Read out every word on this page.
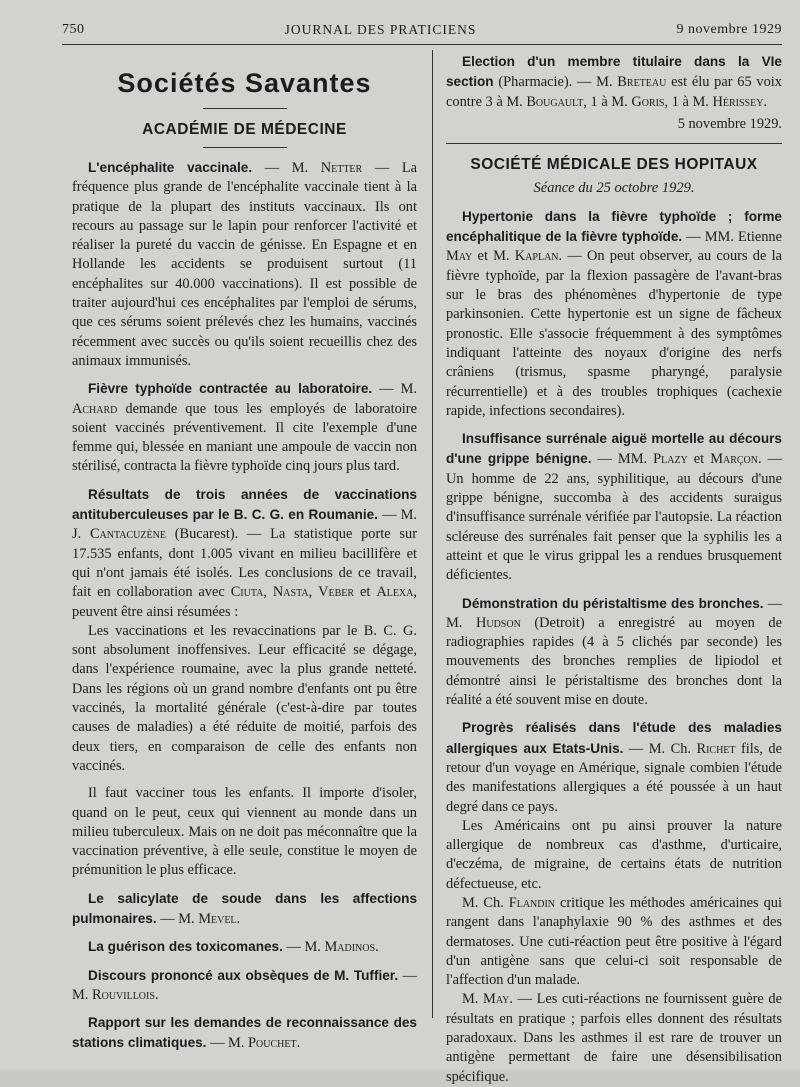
750	JOURNAL DES PRATICIENS	9 novembre 1929
Sociétés Savantes
ACADÉMIE DE MÉDECINE

L'encéphalite vaccinale. — M. Netter — La fréquence plus grande de l'encéphalite vaccinale tient à la pratique de la plupart des instituts vaccinaux. Ils ont recours au passage sur le lapin pour renforcer l'activité et réaliser la pureté du vaccin de génisse. En Espagne et en Hollande les accidents se produisent surtout (11 encéphalites sur 40.000 vaccinations). Il est possible de traiter aujourd'hui ces encéphalites par l'emploi de sérums, que ces sérums soient prélevés chez les humains, vaccinés récemment avec succès ou qu'ils soient recueillis chez des animaux immunisés.

Fièvre typhoïde contractée au laboratoire. — M. Achard demande que tous les employés de laboratoire soient vaccinés préventivement. Il cite l'exemple d'une femme qui, blessée en maniant une ampoule de vaccin non stérilisé, contracta la fièvre typhoïde cinq jours plus tard.

Résultats de trois années de vaccinations antituberculeuses par le B. C. G. en Roumanie. — M. J. Cantacuzène (Bucarest). — La statistique porte sur 17.535 enfants, dont 1.005 vivant en milieu bacillifère et qui n'ont jamais été isolés. Les conclusions de ce travail, fait en collaboration avec Ciuta, Nasta, Veber et Alexa, peuvent être ainsi résumées :

Les vaccinations et les revaccinations par le B. C. G. sont absolument inoffensives. Leur efficacité se dégage, dans l'expérience roumaine, avec la plus grande netteté. Dans les régions où un grand nombre d'enfants ont pu être vaccinés, la mortalité générale (c'est-à-dire par toutes causes de maladies) a été réduite de moitié, parfois des deux tiers, en comparaison de celle des enfants non vaccinés.

Il faut vacciner tous les enfants. Il importe d'isoler, quand on le peut, ceux qui viennent au monde dans un milieu tuberculeux. Mais on ne doit pas méconnaître que la vaccination préventive, à elle seule, constitue le moyen de prémunition le plus efficace.

Le salicylate de soude dans les affections pulmonaires. — M. Mevel.

La guérison des toxicomanes. — M. Madinos.

Discours prononcé aux obsèques de M. Tuffier. — M. Rouvillois.

Rapport sur les demandes de reconnaissance des stations climatiques. — M. Pouchet.

Election d'un membre titulaire dans la VIe section (Pharmacie). — M. Breteau est élu par 65 voix contre 3 à M. Bougault, 1 à M. Goris, 1 à M. Hérissey.

5 novembre 1929.
SOCIÉTÉ MÉDICALE DES HOPITAUX
Séance du 25 octobre 1929.

Hypertonie dans la fièvre typhoïde ; forme encéphalitique de la fièvre typhoïde. — MM. Etienne May et M. Kaplan. — On peut observer, au cours de la fièvre typhoïde, par la flexion passagère de l'avant-bras sur le bras des phénomènes d'hypertonie de type parkinsonien. Cette hypertonie est un signe de fâcheux pronostic. Elle s'associe fréquemment à des symptômes indiquant l'atteinte des noyaux d'origine des nerfs crâniens (trismus, spasme pharyngé, paralysie récurrentielle) et à des troubles trophiques (cachexie rapide, infections secondaires).

Insuffisance surrénale aiguë mortelle au décours d'une grippe bénigne. — MM. Plazy et Marçon. — Un homme de 22 ans, syphilitique, au décours d'une grippe bénigne, succomba à des accidents suraigus d'insuffisance surrénale vérifiée par l'autopsie. La réaction scléreuse des surrénales fait penser que la syphilis les a atteint et que le virus grippal les a rendues brusquement déficientes.

Démonstration du péristaltisme des bronches. — M. Hudson (Detroit) a enregistré au moyen de radiographies rapides (4 à 5 clichés par seconde) les mouvements des bronches remplies de lipiodol et démontré ainsi le péristaltisme des bronches dont la réalité a été souvent mise en doute.

Progrès réalisés dans l'étude des maladies allergiques aux Etats-Unis. — M. Ch. Richet fils, de retour d'un voyage en Amérique, signale combien l'étude des manifestations allergiques a été poussée à un haut degré dans ce pays.

Les Américains ont pu ainsi prouver la nature allergique de nombreux cas d'asthme, d'urticaire, d'eczéma, de migraine, de certains états de nutrition défectueuse, etc.

M. Ch. Flandin critique les méthodes américaines qui rangent dans l'anaphylaxie 90 % des asthmes et des dermatoses. Une cuti-réaction peut être positive à l'égard d'un antigène sans que celui-ci soit responsable de l'affection d'un malade.

M. May. — Les cuti-réactions ne fournissent guère de résultats en pratique ; parfois elles donnent des résultats paradoxaux. Dans les asthmes il est rare de trouver un antigène permettant de faire une désensibilisation spécifique.
